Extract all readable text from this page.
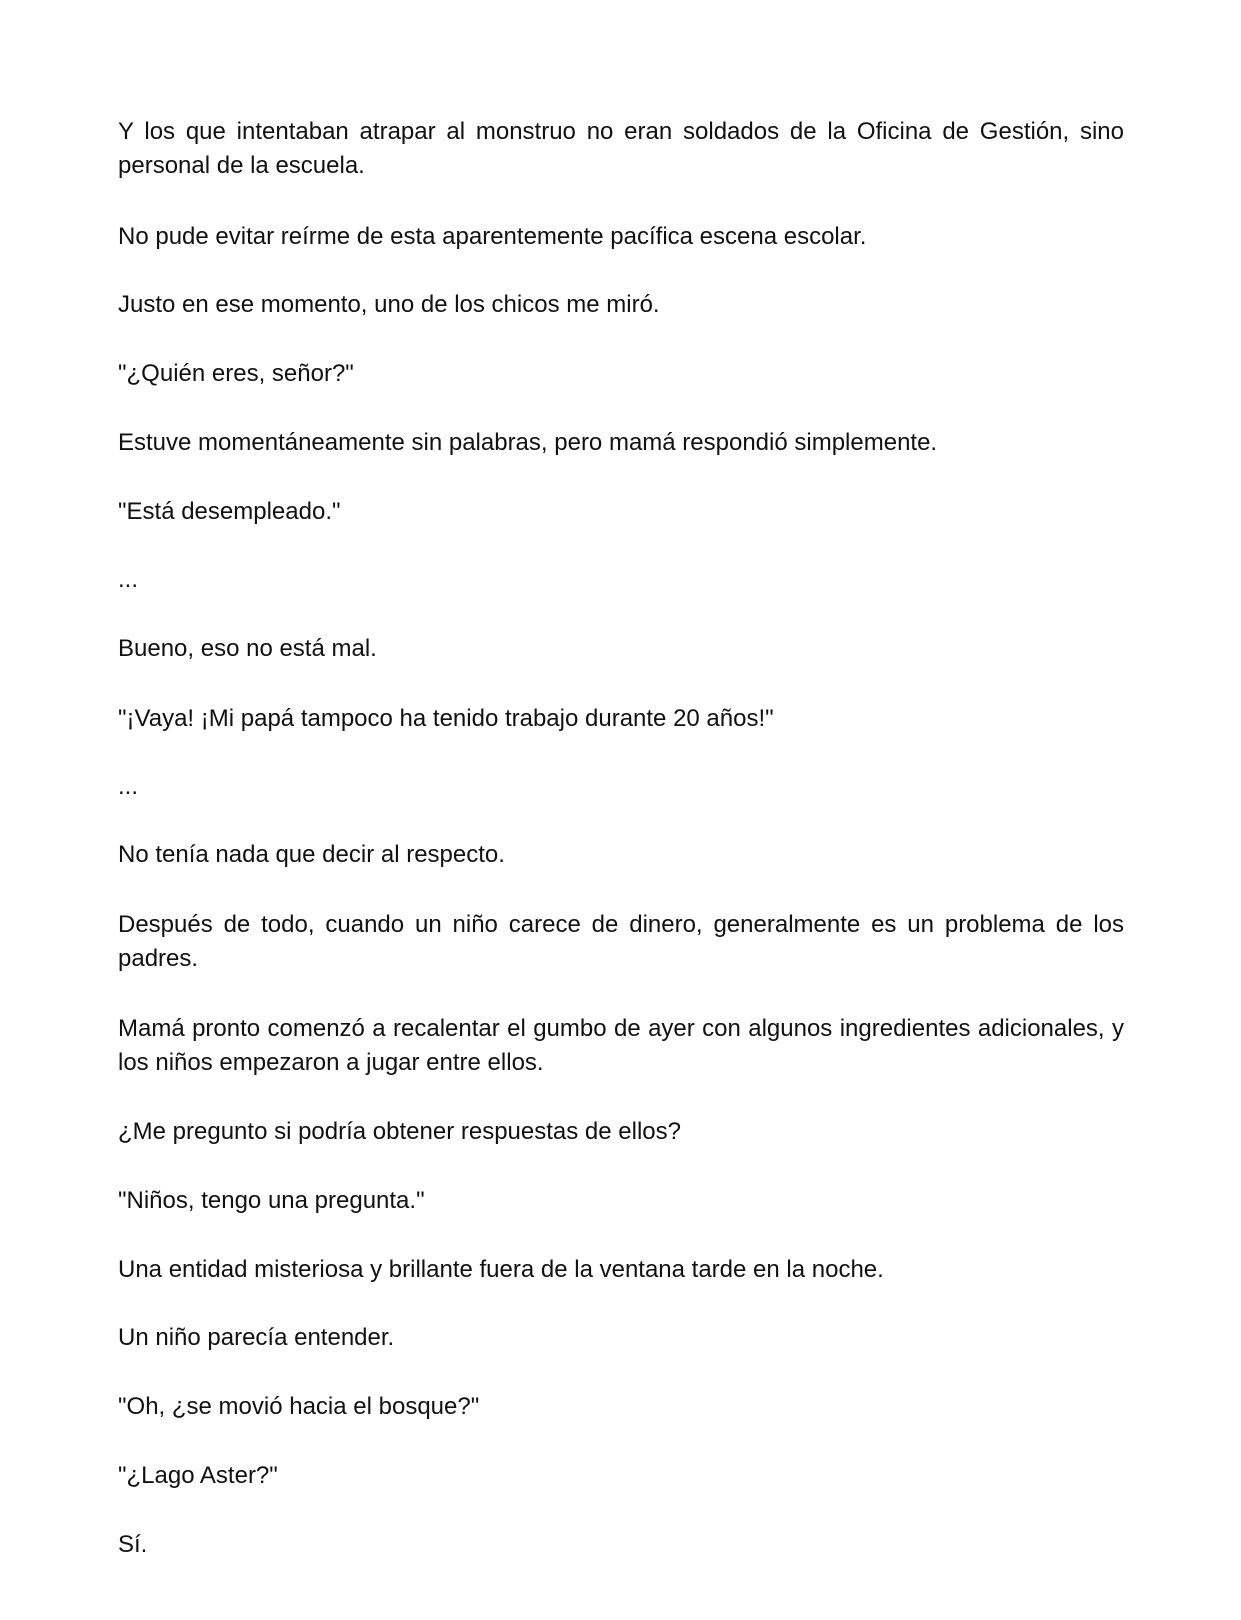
Y los que intentaban atrapar al monstruo no eran soldados de la Oficina de Gestión, sino personal de la escuela.

No pude evitar reírme de esta aparentemente pacífica escena escolar.

Justo en ese momento, uno de los chicos me miró.

"¿Quién eres, señor?"

Estuve momentáneamente sin palabras, pero mamá respondió simplemente.

"Está desempleado."

...

Bueno, eso no está mal.

"¡Vaya! ¡Mi papá tampoco ha tenido trabajo durante 20 años!"

...

No tenía nada que decir al respecto.

Después de todo, cuando un niño carece de dinero, generalmente es un problema de los padres.

Mamá pronto comenzó a recalentar el gumbo de ayer con algunos ingredientes adicionales, y los niños empezaron a jugar entre ellos.

¿Me pregunto si podría obtener respuestas de ellos?

"Niños, tengo una pregunta."

Una entidad misteriosa y brillante fuera de la ventana tarde en la noche.

Un niño parecía entender.

"Oh, ¿se movió hacia el bosque?"

"¿Lago Aster?"

Sí.
